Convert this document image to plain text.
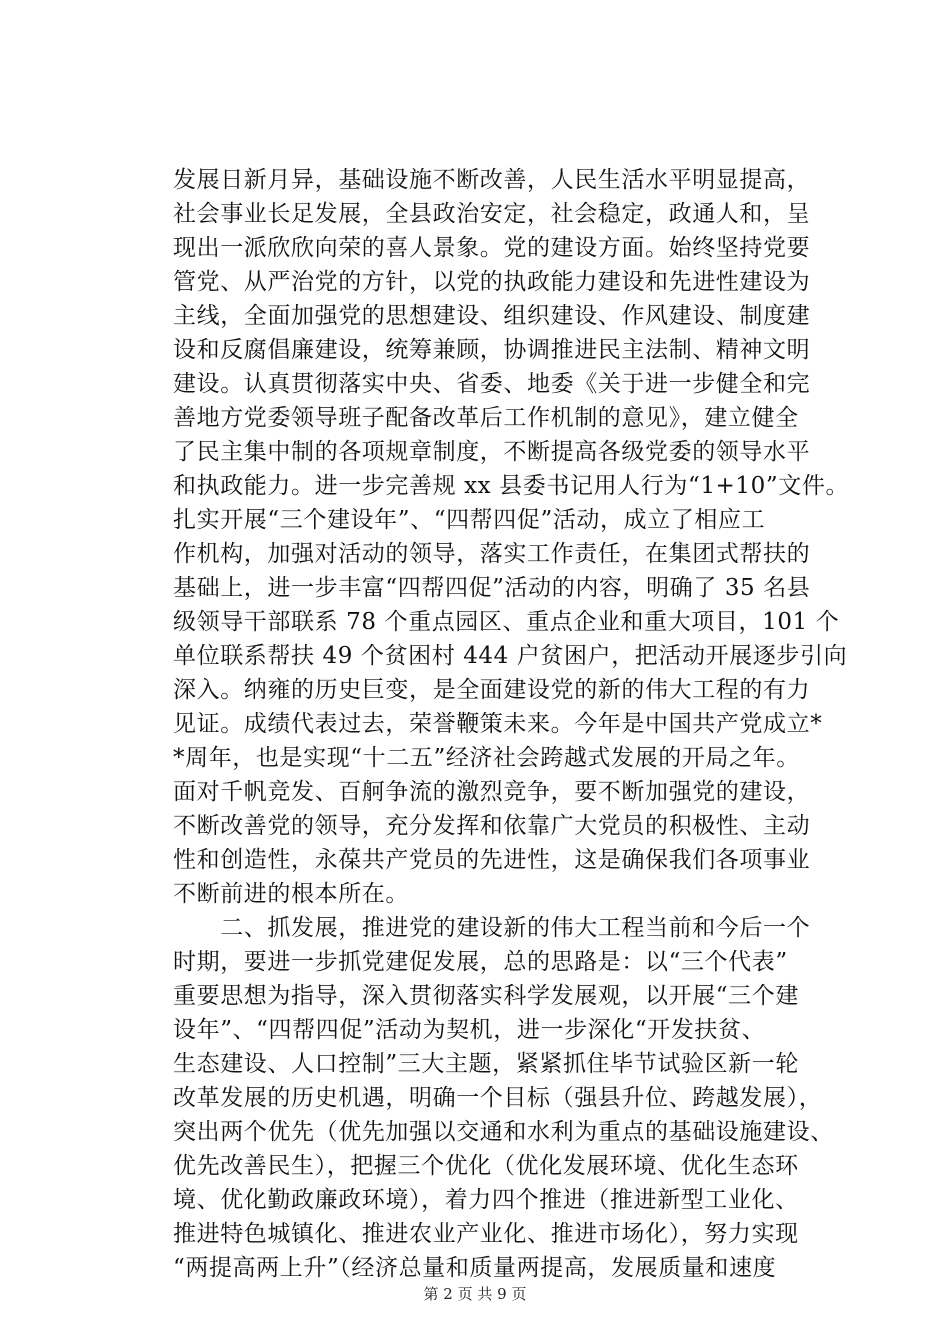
发展日新月异，基础设施不断改善，人民生活水平明显提高，
社会事业长足发展，全县政治安定，社会稳定，政通人和，呈
现出一派欣欣向荣的喜人景象。党的建设方面。始终坚持党要
管党、从严治党的方针，以党的执政能力建设和先进性建设为
主线，全面加强党的思想建设、组织建设、作风建设、制度建
设和反腐倡廉建设，统筹兼顾，协调推进民主法制、精神文明
建设。认真贯彻落实中央、省委、地委《关于进一步健全和完
善地方党委领导班子配备改革后工作机制的意见》，建立健全
了民主集中制的各项规章制度，不断提高各级党委的领导水平
和执政能力。进一步完善规 xx 县委书记用人行为“1+10”文件。
扎实开展“三个建设年”、“四帮四促”活动，成立了相应工
作机构，加强对活动的领导，落实工作责任，在集团式帮扶的
基础上，进一步丰富“四帮四促”活动的内容，明确了 35 名县
级领导干部联系 78 个重点园区、重点企业和重大项目，101 个
单位联系帮扶 49 个贫困村 444 户贫困户，把活动开展逐步引向
深入。纳雍的历史巨变，是全面建设党的新的伟大工程的有力
见证。成绩代表过去，荣誉鞭策未来。今年是中国共产党成立*
*周年，也是实现“十二五”经济社会跨越式发展的开局之年。
面对千帆竞发、百舸争流的激烈竞争，要不断加强党的建设，
不断改善党的领导，充分发挥和依靠广大党员的积极性、主动
性和创造性，永葆共产党员的先进性，这是确保我们各项事业
不断前进的根本所在。
　　二、抓发展，推进党的建设新的伟大工程当前和今后一个
时期，要进一步抓党建促发展，总的思路是：以“三个代表”
重要思想为指导，深入贯彻落实科学发展观，以开展“三个建
设年”、“四帮四促”活动为契机，进一步深化“开发扶贫、
生态建设、人口控制”三大主题，紧紧抓住毕节试验区新一轮
改革发展的历史机遇，明确一个目标（强县升位、跨越发展），
突出两个优先（优先加强以交通和水利为重点的基础设施建设、
优先改善民生），把握三个优化（优化发展环境、优化生态环
境、优化勤政廉政环境），着力四个推进（推进新型工业化、
推进特色城镇化、推进农业产业化、推进市场化），努力实现
“两提高两上升”（经济总量和质量两提高，发展质量和速度
第 2 页 共 9 页
